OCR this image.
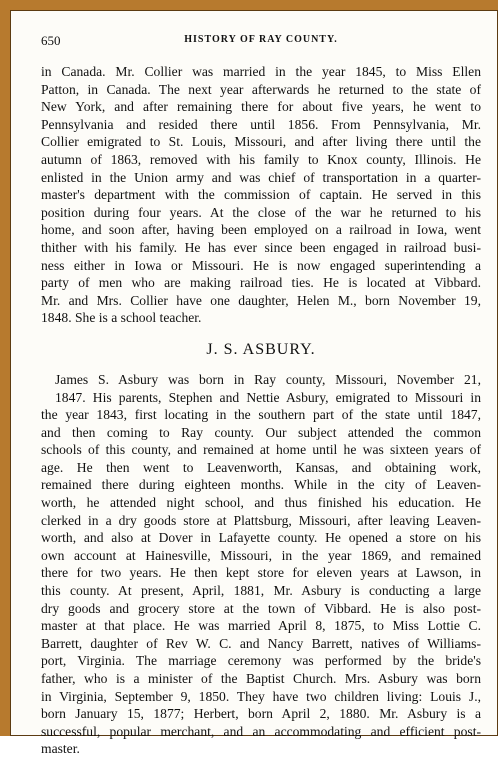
650	HISTORY OF RAY COUNTY.
in Canada. Mr. Collier was married in the year 1845, to Miss Ellen
Patton, in Canada. The next year afterwards he returned to the state of
New York, and after remaining there for about five years, he went to
Pennsylvania and resided there until 1856. From Pennsylvania, Mr.
Collier emigrated to St. Louis, Missouri, and after living there until the
autumn of 1863, removed with his family to Knox county, Illinois. He
enlisted in the Union army and was chief of transportation in a quarter-
master's department with the commission of captain. He served in this
position during four years. At the close of the war he returned to his
home, and soon after, having been employed on a railroad in Iowa, went
thither with his family. He has ever since been engaged in railroad busi-
ness either in Iowa or Missouri. He is now engaged superintending a
party of men who are making railroad ties. He is located at Vibbard.
Mr. and Mrs. Collier have one daughter, Helen M., born November 19,
1848. She is a school teacher.
J. S. ASBURY.
James S. Asbury was born in Ray county, Missouri, November 21,
1847. His parents, Stephen and Nettie Asbury, emigrated to Missouri in
the year 1843, first locating in the southern part of the state until 1847,
and then coming to Ray county. Our subject attended the common
schools of this county, and remained at home until he was sixteen years of
age. He then went to Leavenworth, Kansas, and obtaining work,
remained there during eighteen months. While in the city of Leaven-
worth, he attended night school, and thus finished his education. He
clerked in a dry goods store at Plattsburg, Missouri, after leaving Leaven-
worth, and also at Dover in Lafayette county. He opened a store on his
own account at Hainesville, Missouri, in the year 1869, and remained
there for two years. He then kept store for eleven years at Lawson, in
this county. At present, April, 1881, Mr. Asbury is conducting a large
dry goods and grocery store at the town of Vibbard. He is also post-
master at that place. He was married April 8, 1875, to Miss Lottie C.
Barrett, daughter of Rev W. C. and Nancy Barrett, natives of Williams-
port, Virginia. The marriage ceremony was performed by the bride's
father, who is a minister of the Baptist Church. Mrs. Asbury was born
in Virginia, September 9, 1850. They have two children living: Louis J.,
born January 15, 1877; Herbert, born April 2, 1880. Mr. Asbury is a
successful, popular merchant, and an accommodating and efficient post-
master.
